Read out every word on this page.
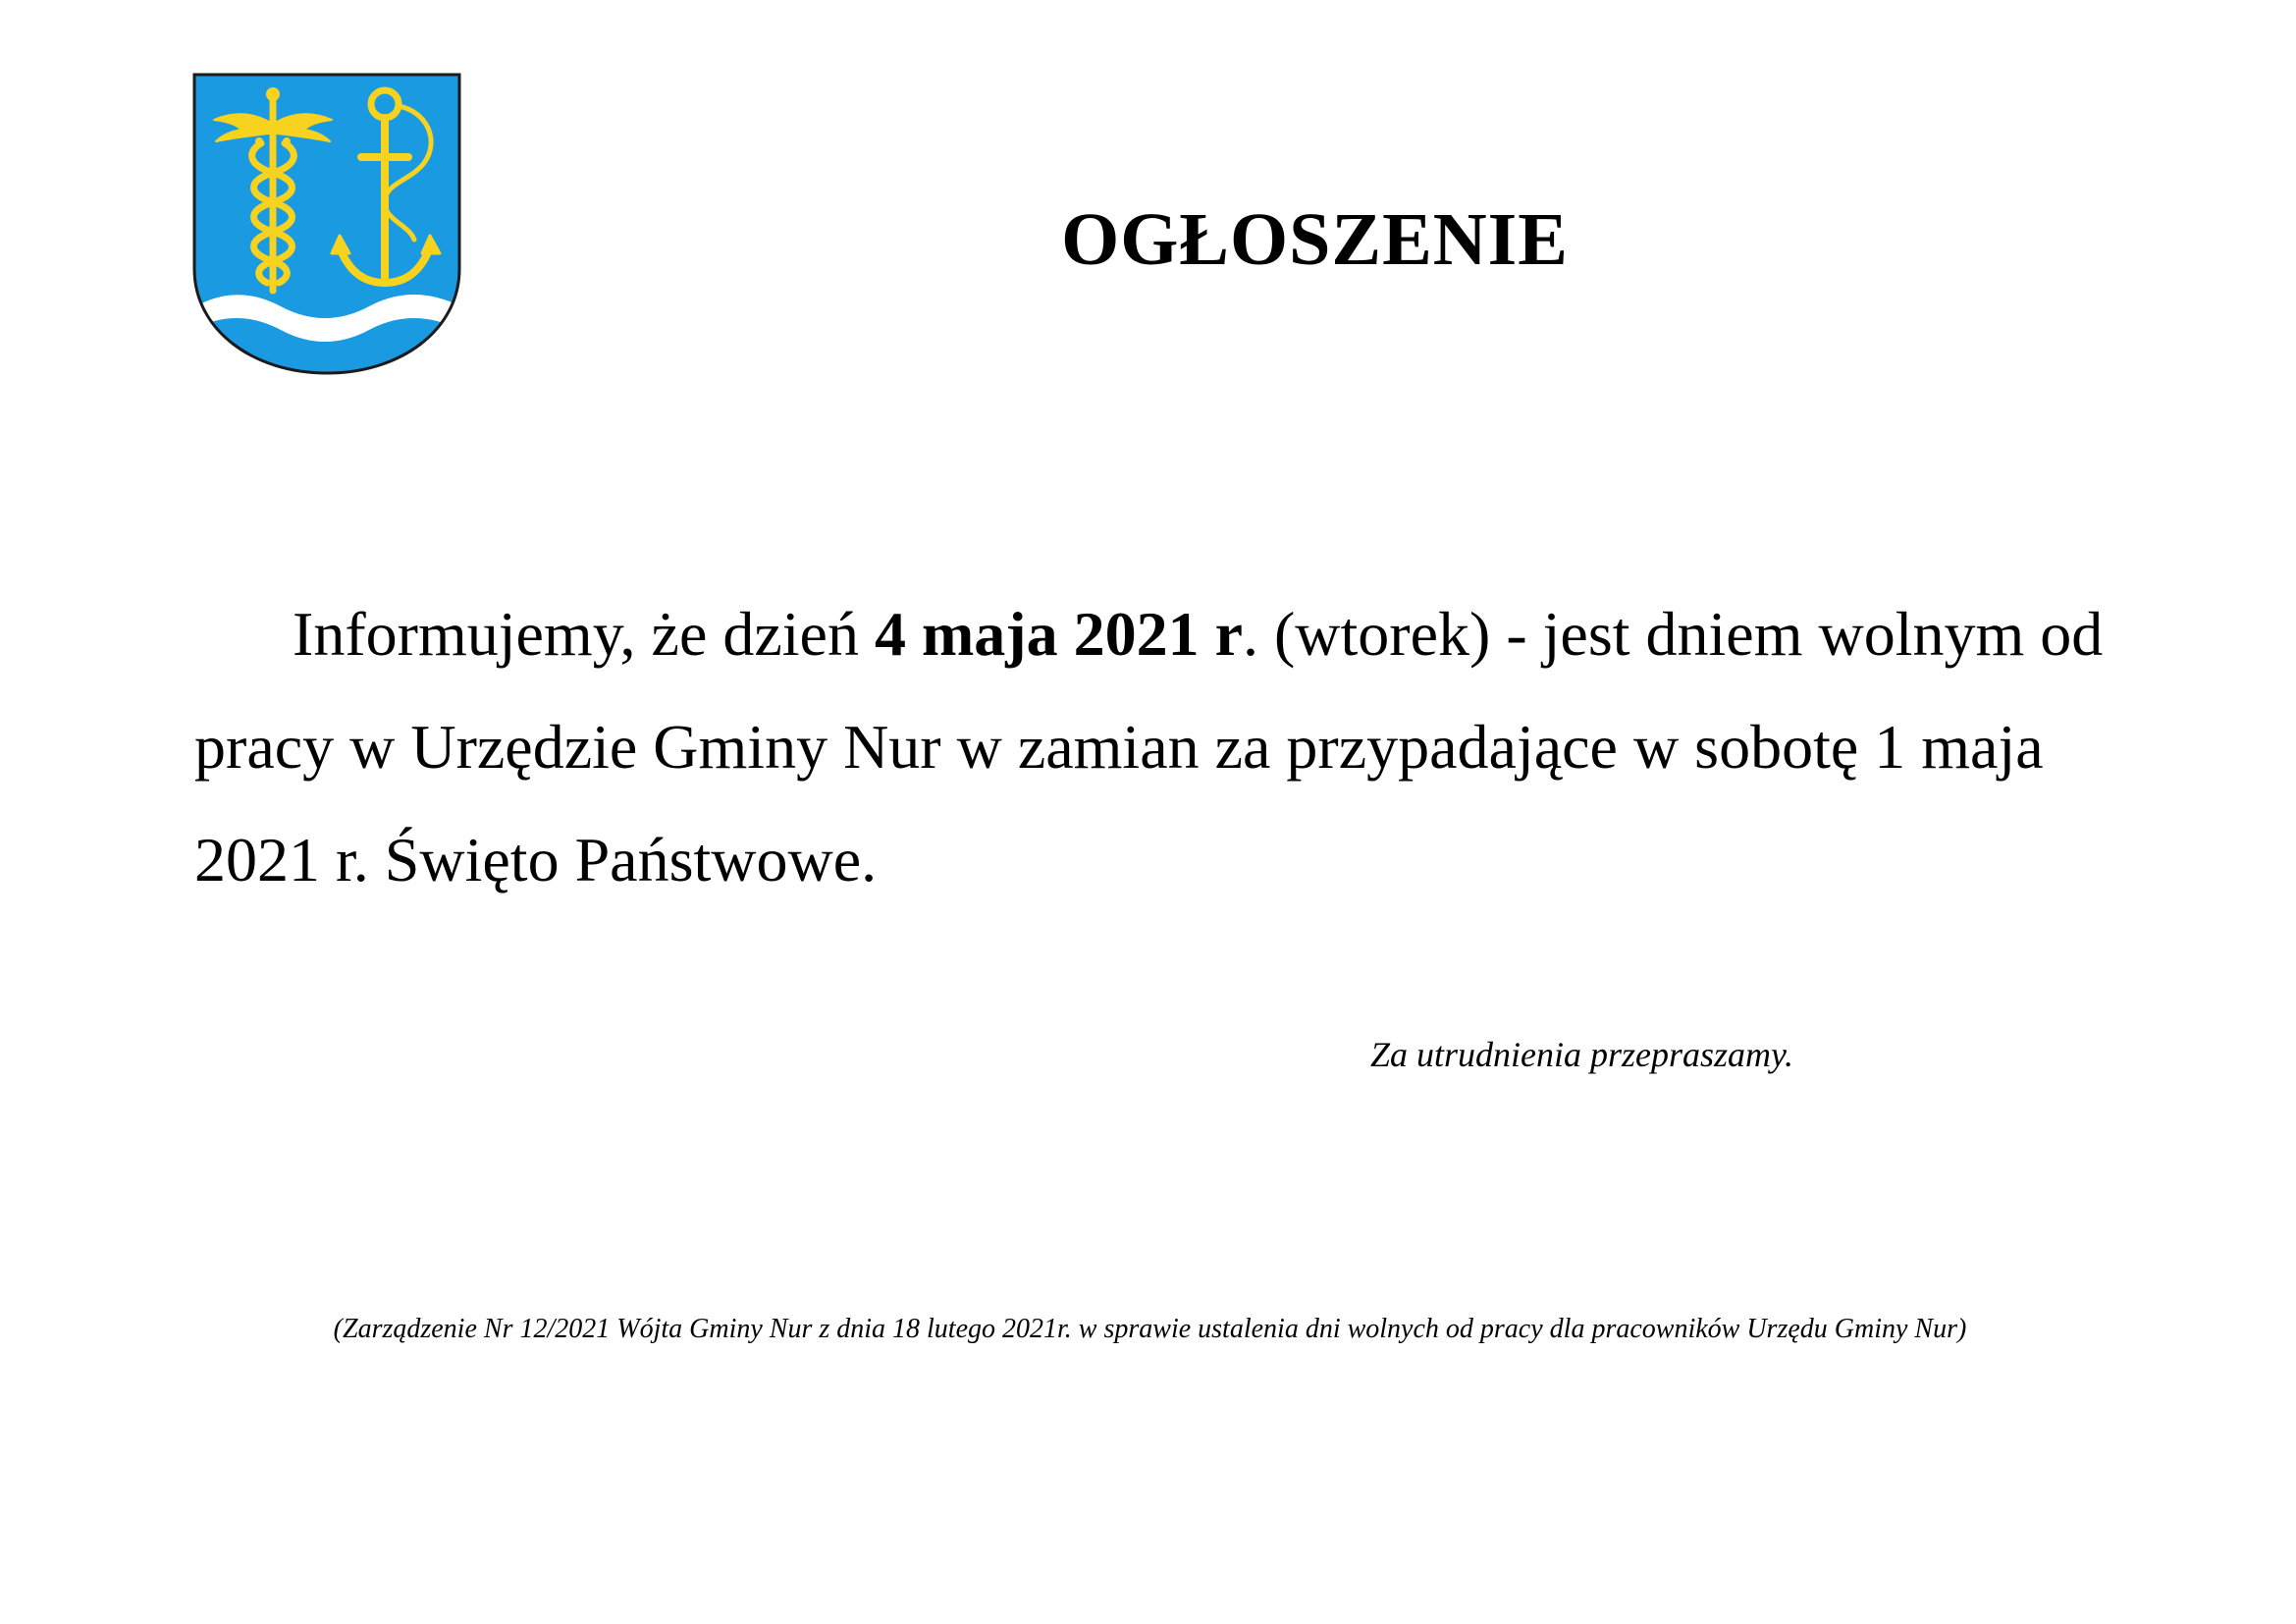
OGŁOSZENIE

Informujemy, że dzień 4 maja 2021 r. (wtorek) - jest dniem wolnym od pracy w Urzędzie Gminy Nur w zamian za przypadające w sobotę 1 maja 2021 r. Święto Państwowe.

Za utrudnienia przepraszamy.
(Zarządzenie Nr 12/2021 Wójta Gminy Nur z dnia 18 lutego 2021r. w sprawie ustalenia dni wolnych od pracy dla pracowników Urzędu Gminy Nur)
